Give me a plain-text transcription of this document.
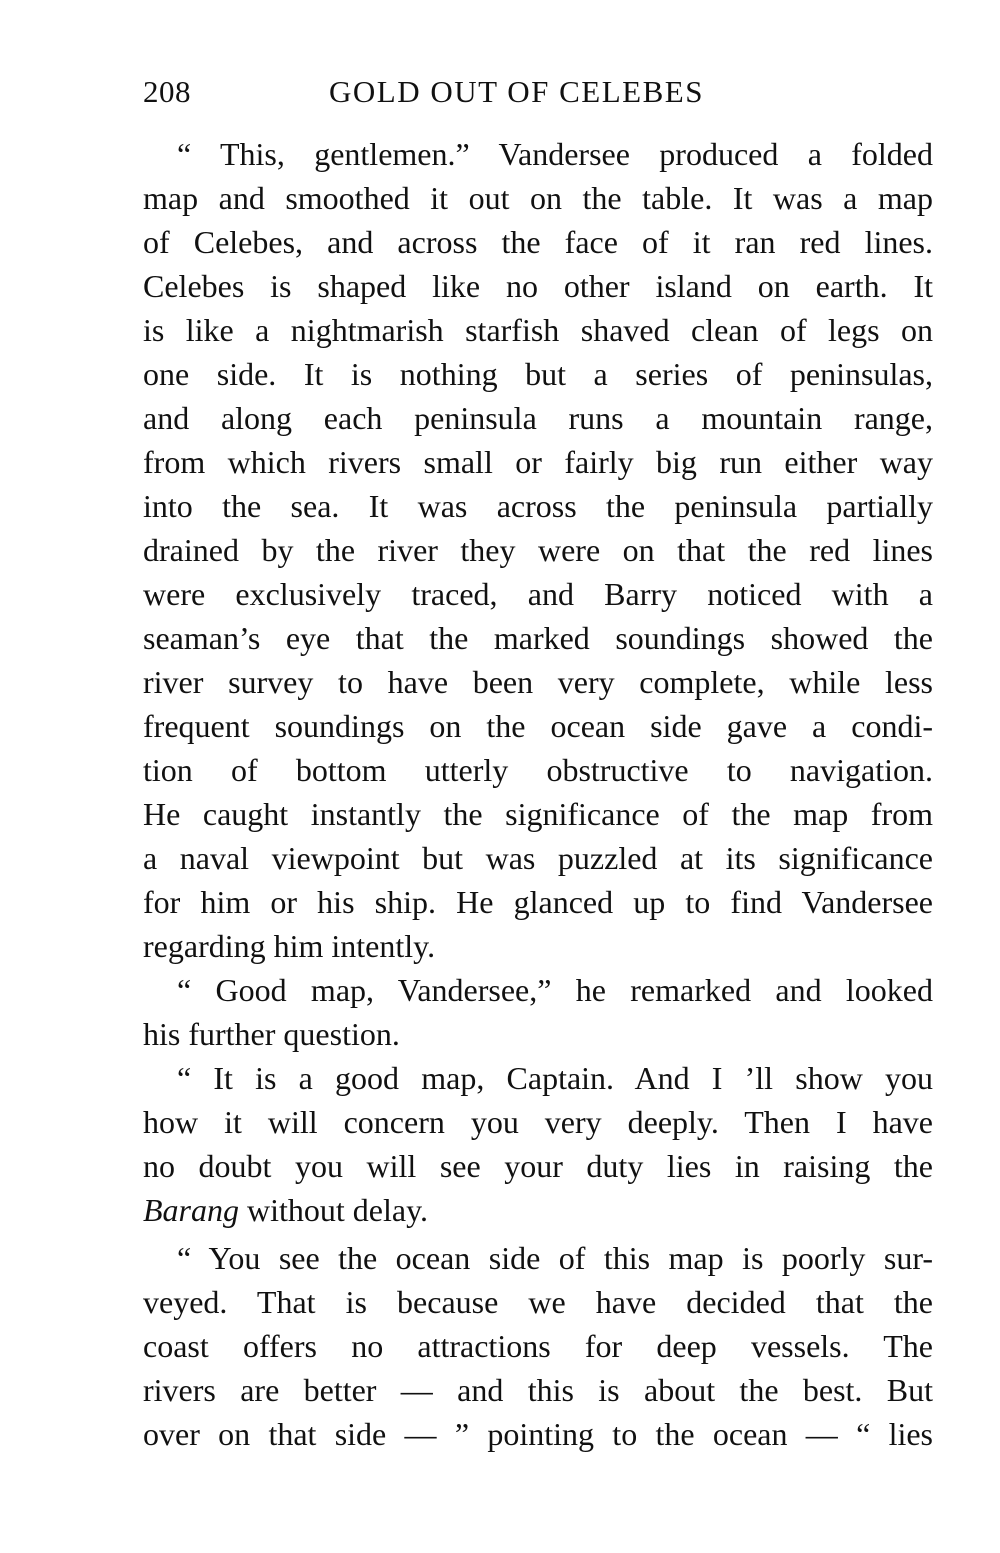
208	GOLD OUT OF CELEBES
“ This, gentlemen.” Vandersee produced a folded
map and smoothed it out on the table. It was a map
of Celebes, and across the face of it ran red lines.
Celebes is shaped like no other island on earth. It
is like a nightmarish starfish shaved clean of legs on
one side. It is nothing but a series of peninsulas,
and along each peninsula runs a mountain range,
from which rivers small or fairly big run either way
into the sea. It was across the peninsula partially
drained by the river they were on that the red lines
were exclusively traced, and Barry noticed with a
seaman’s eye that the marked soundings showed the
river survey to have been very complete, while less
frequent soundings on the ocean side gave a condi-
tion of bottom utterly obstructive to navigation.
He caught instantly the significance of the map from
a naval viewpoint but was puzzled at its significance
for him or his ship. He glanced up to find Vandersee
regarding him intently.
“ Good map, Vandersee,” he remarked and looked
his further question.
“ It is a good map, Captain. And I ’ll show you
how it will concern you very deeply. Then I have
no doubt you will see your duty lies in raising the
Barang without delay.
“ You see the ocean side of this map is poorly sur-
veyed. That is because we have decided that the
coast offers no attractions for deep vessels. The
rivers are better — and this is about the best. But
over on that side — ” pointing to the ocean — “ lies
